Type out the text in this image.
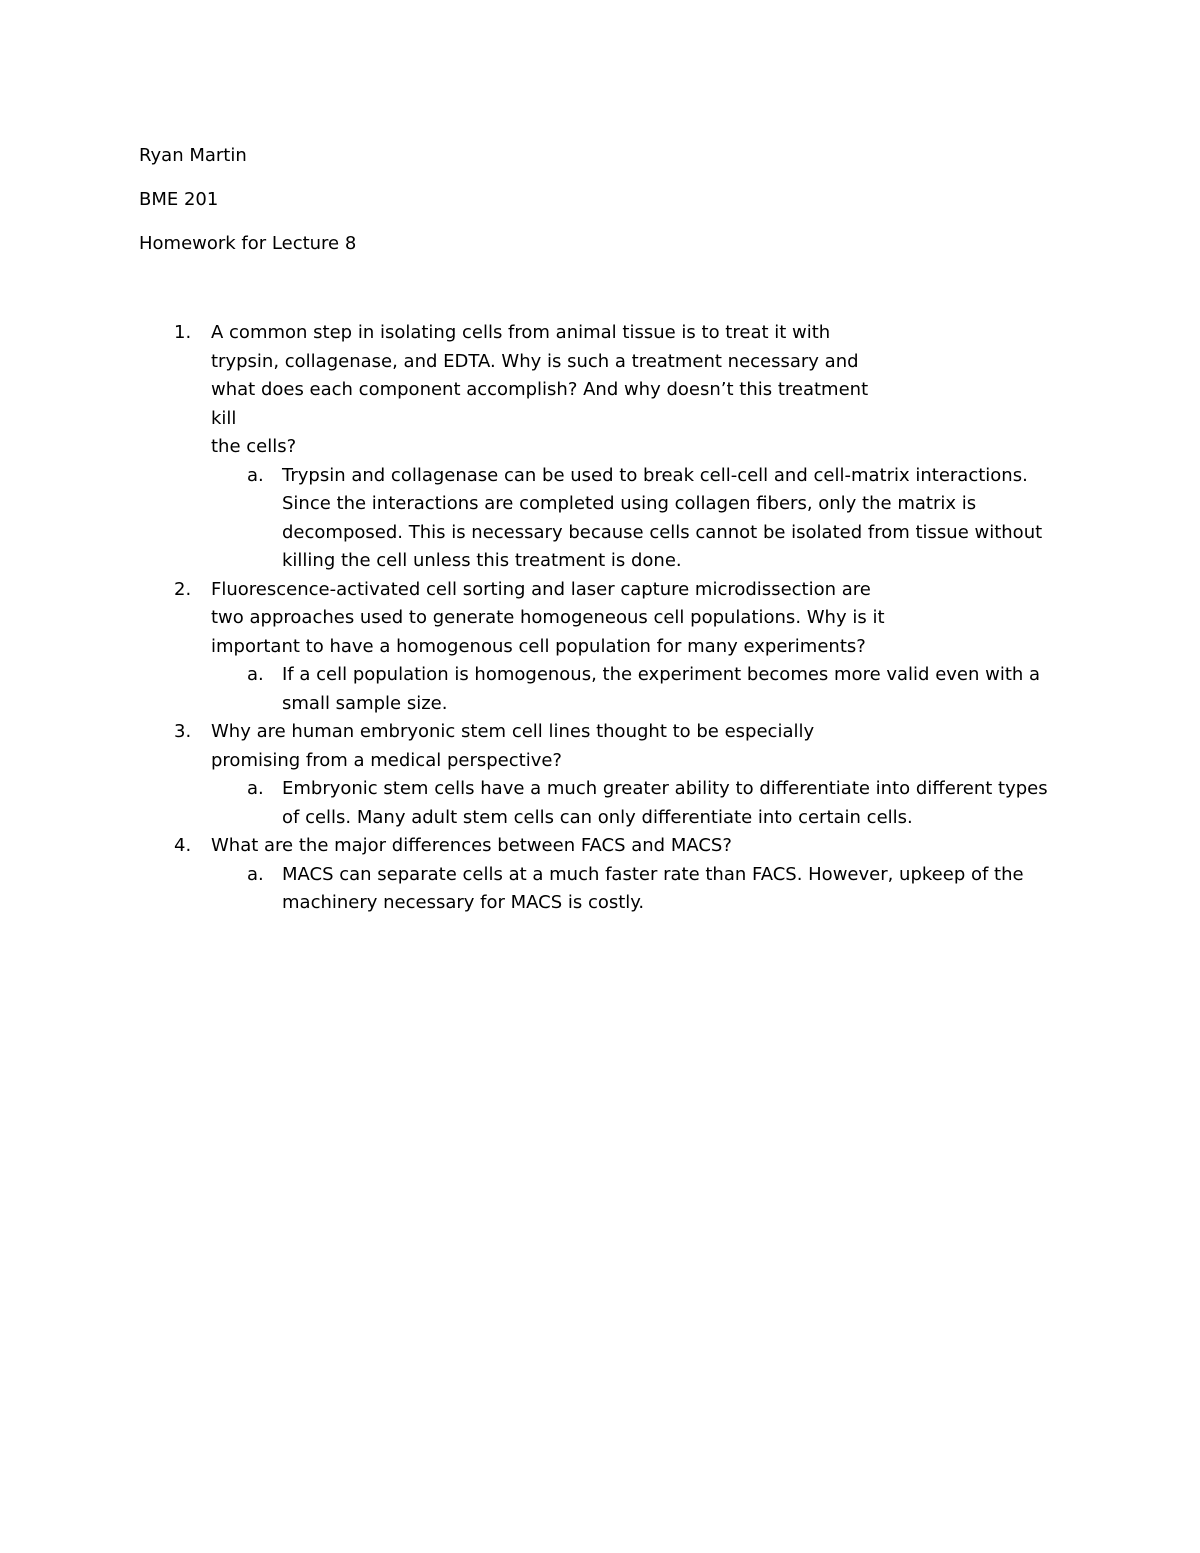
Ryan Martin
BME 201
Homework for Lecture 8
1. A common step in isolating cells from animal tissue is to treat it with
trypsin, collagenase, and EDTA. Why is such a treatment necessary and
what does each component accomplish? And why doesn’t this treatment kill
the cells?
a. Trypsin and collagenase can be used to break cell-cell and cell-matrix interactions. Since the interactions are completed using collagen fibers, only the matrix is decomposed. This is necessary because cells cannot be isolated from tissue without killing the cell unless this treatment is done.
2. Fluorescence-activated cell sorting and laser capture microdissection are
two approaches used to generate homogeneous cell populations. Why is it
important to have a homogenous cell population for many experiments?
a. If a cell population is homogenous, the experiment becomes more valid even with a small sample size.
3. Why are human embryonic stem cell lines thought to be especially
promising from a medical perspective?
a. Embryonic stem cells have a much greater ability to differentiate into different types of cells. Many adult stem cells can only differentiate into certain cells.
4. What are the major differences between FACS and MACS?
a. MACS can separate cells at a much faster rate than FACS. However, upkeep of the machinery necessary for MACS is costly.
